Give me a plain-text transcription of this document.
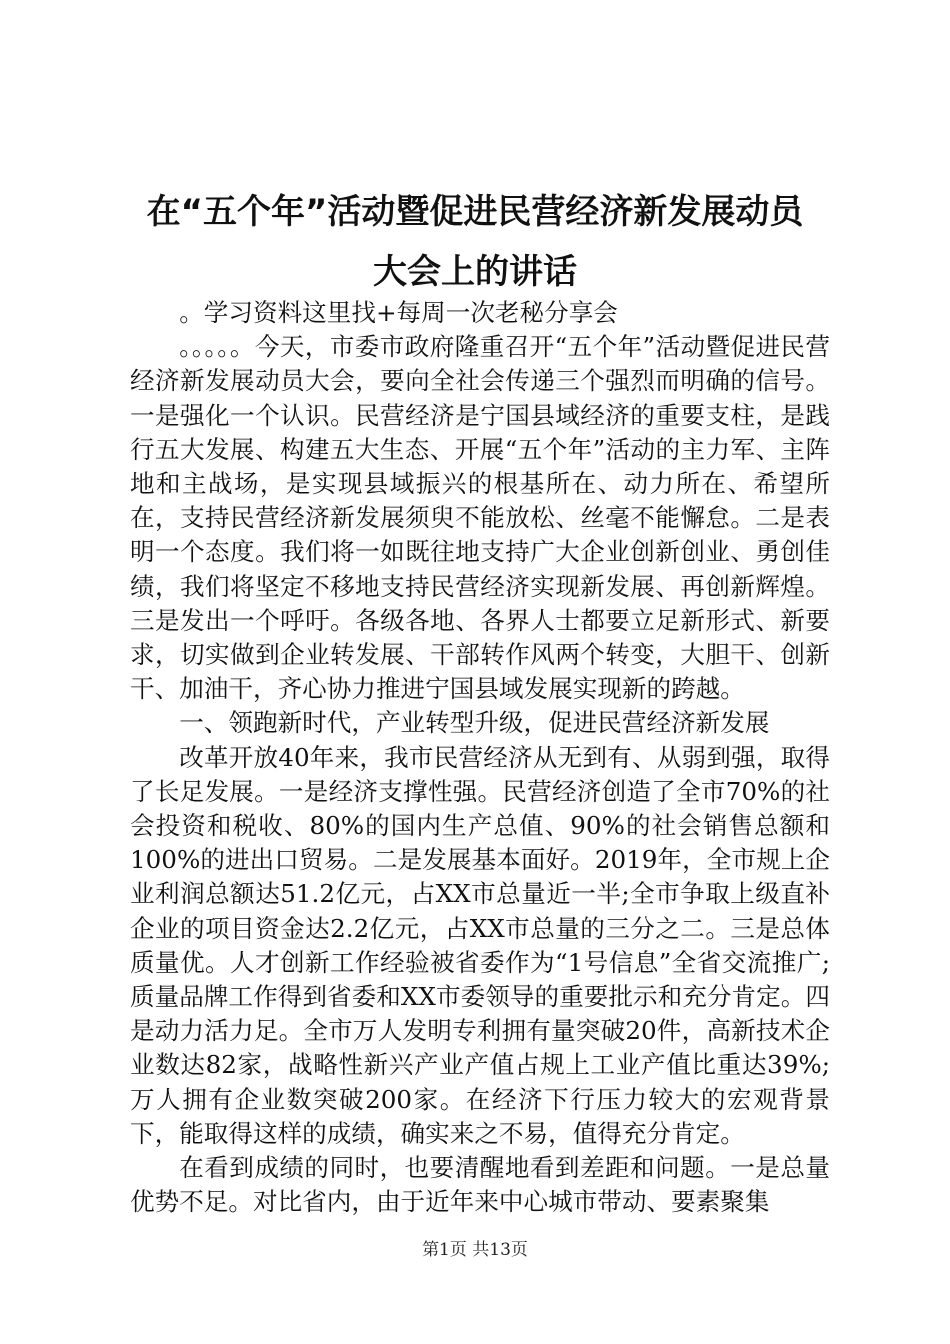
在“五个年”活动暨促进民营经济新发展动员
大会上的讲话

。学习资料这里找+每周一次老秘分享会

。。。。。今天，市委市政府隆重召开“五个年”活动暨促进民营经济新发展动员大会，要向全社会传递三个强烈而明确的信号。一是强化一个认识。民营经济是宁国县域经济的重要支柱，是践行五大发展、构建五大生态、开展“五个年”活动的主力军、主阵地和主战场，是实现县域振兴的根基所在、动力所在、希望所在，支持民营经济新发展须臾不能放松、丝毫不能懈怠。二是表明一个态度。我们将一如既往地支持广大企业创新创业、勇创佳绩，我们将坚定不移地支持民营经济实现新发展、再创新辉煌。三是发出一个呼吁。各级各地、各界人士都要立足新形式、新要求，切实做到企业转发展、干部转作风两个转变，大胆干、创新干、加油干，齐心协力推进宁国县域发展实现新的跨越。

一、领跑新时代，产业转型升级，促进民营经济新发展

改革开放40年来，我市民营经济从无到有、从弱到强，取得了长足发展。一是经济支撑性强。民营经济创造了全市70%的社会投资和税收、80%的国内生产总值、90%的社会销售总额和100%的进出口贸易。二是发展基本面好。2019年，全市规上企业利润总额达51.2亿元，占XX市总量近一半;全市争取上级直补企业的项目资金达2.2亿元，占XX市总量的三分之二。三是总体质量优。人才创新工作经验被省委作为“1号信息”全省交流推广;质量品牌工作得到省委和XX市委领导的重要批示和充分肯定。四是动力活力足。全市万人发明专利拥有量突破20件，高新技术企业数达82家，战略性新兴产业产值占规上工业产值比重达39%;万人拥有企业数突破200家。在经济下行压力较大的宏观背景下，能取得这样的成绩，确实来之不易，值得充分肯定。

在看到成绩的同时，也要清醒地看到差距和问题。一是总量优势不足。对比省内，由于近年来中心城市带动、要素聚集

第1页 共13页
